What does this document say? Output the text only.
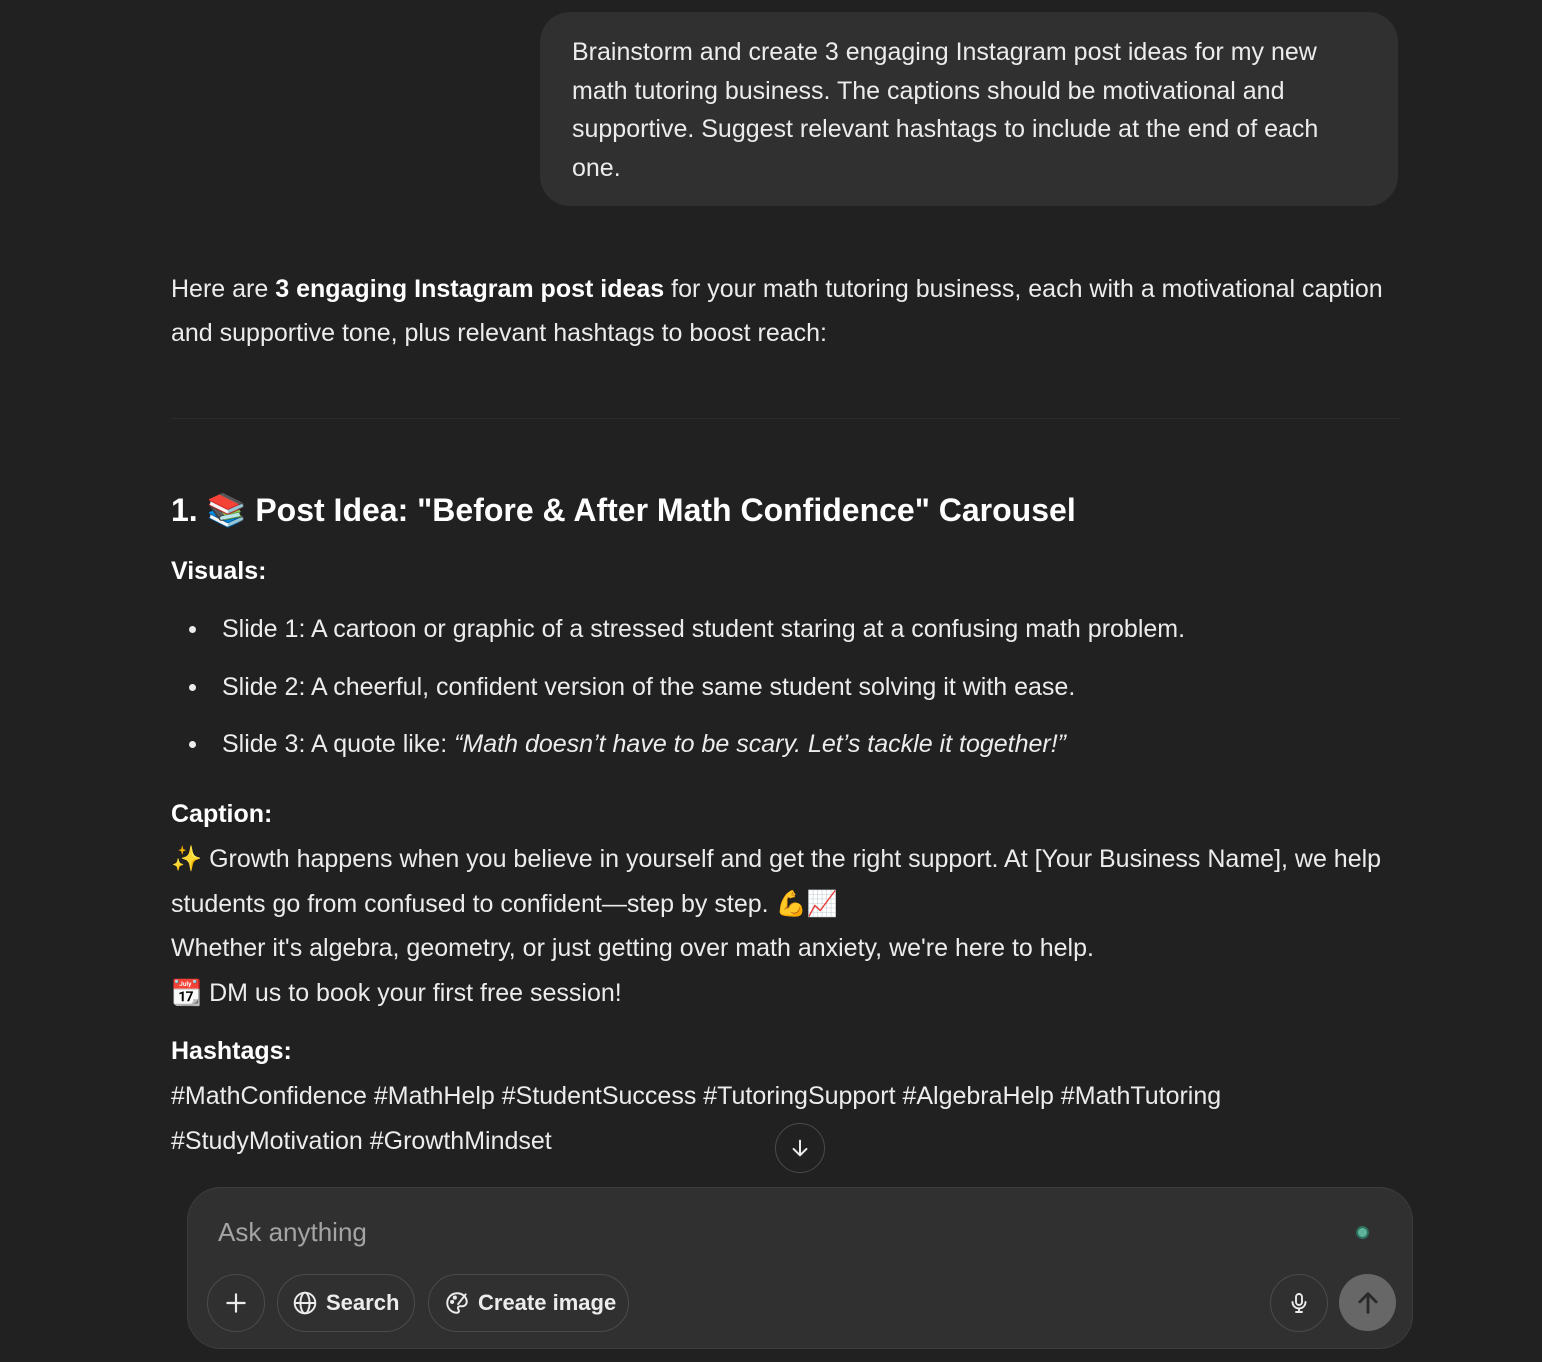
Brainstorm and create 3 engaging Instagram post ideas for my new math tutoring business. The captions should be motivational and supportive. Suggest relevant hashtags to include at the end of each one.

Here are 3 engaging Instagram post ideas for your math tutoring business, each with a motivational caption and supportive tone, plus relevant hashtags to boost reach:

1. 📚 Post Idea: "Before & After Math Confidence" Carousel
Visuals:
Slide 1: A cartoon or graphic of a stressed student staring at a confusing math problem.
Slide 2: A cheerful, confident version of the same student solving it with ease.
Slide 3: A quote like: “Math doesn’t have to be scary. Let’s tackle it together!”
Caption:
✨ Growth happens when you believe in yourself and get the right support. At [Your Business Name], we help students go from confused to confident—step by step. 💪📈
Whether it's algebra, geometry, or just getting over math anxiety, we're here to help.
📆 DM us to book your first free session!
Hashtags:
#MathConfidence #MathHelp #StudentSuccess #TutoringSupport #AlgebraHelp #MathTutoring #StudyMotivation #GrowthMindset
Ask anything
Search	Create image
